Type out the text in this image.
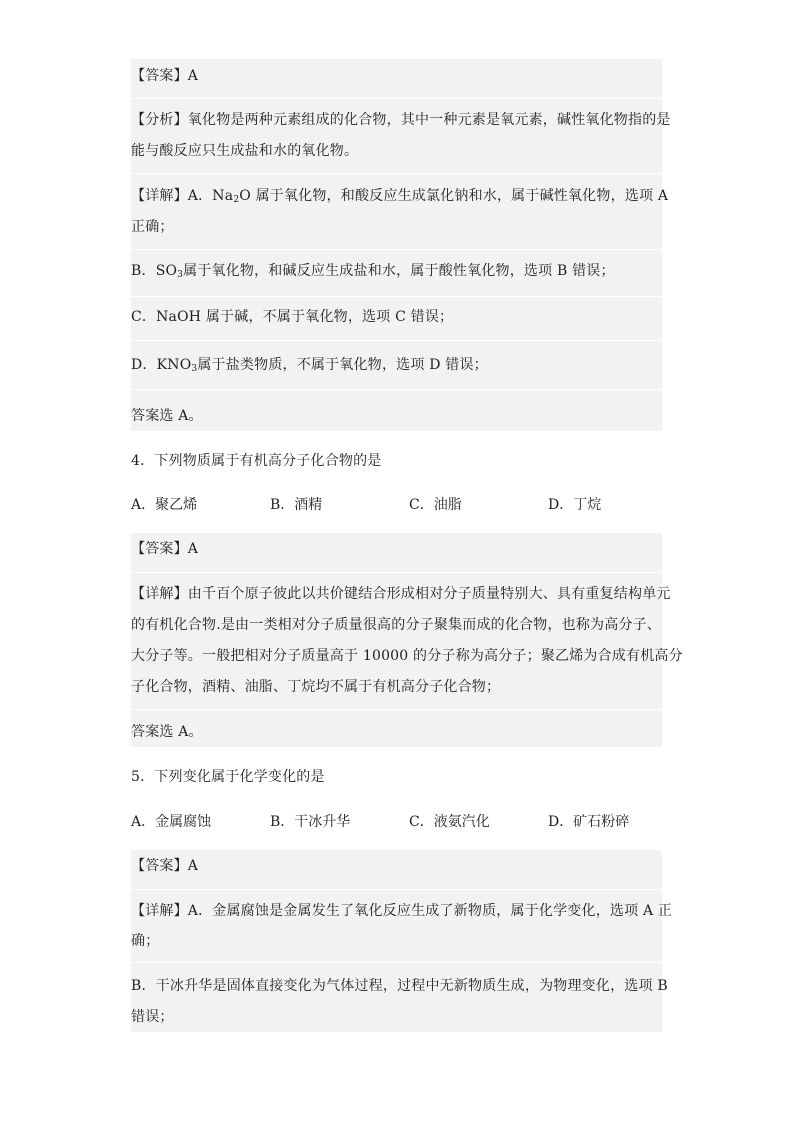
【答案】A
【分析】氧化物是两种元素组成的化合物，其中一种元素是氧元素，碱性氧化物指的是
能与酸反应只生成盐和水的氧化物。
【详解】A．$Na_2O$ 属于氧化物，和酸反应生成氯化钠和水，属于碱性氧化物，选项 A
正确；
B．$SO_3$属于氧化物，和碱反应生成盐和水，属于酸性氧化物，选项 B 错误；
C．NaOH 属于碱，不属于氧化物，选项 C 错误；
D．$KNO_3$属于盐类物质，不属于氧化物，选项 D 错误；
答案选 A。
4．下列物质属于有机高分子化合物的是
A．聚乙烯	B．酒精	C．油脂	D．丁烷
【答案】A
【详解】由千百个原子彼此以共价键结合形成相对分子质量特别大、具有重复结构单元
的有机化合物.是由一类相对分子质量很高的分子聚集而成的化合物，也称为高分子、
大分子等。一般把相对分子质量高于 10000 的分子称为高分子；聚乙烯为合成有机高分
子化合物，酒精、油脂、丁烷均不属于有机高分子化合物；
答案选 A。
5．下列变化属于化学变化的是
A．金属腐蚀	B．干冰升华	C．液氨汽化	D．矿石粉碎
【答案】A
【详解】A．金属腐蚀是金属发生了氧化反应生成了新物质，属于化学变化，选项 A 正
确；
B．干冰升华是固体直接变化为气体过程，过程中无新物质生成，为物理变化，选项 B
错误；
